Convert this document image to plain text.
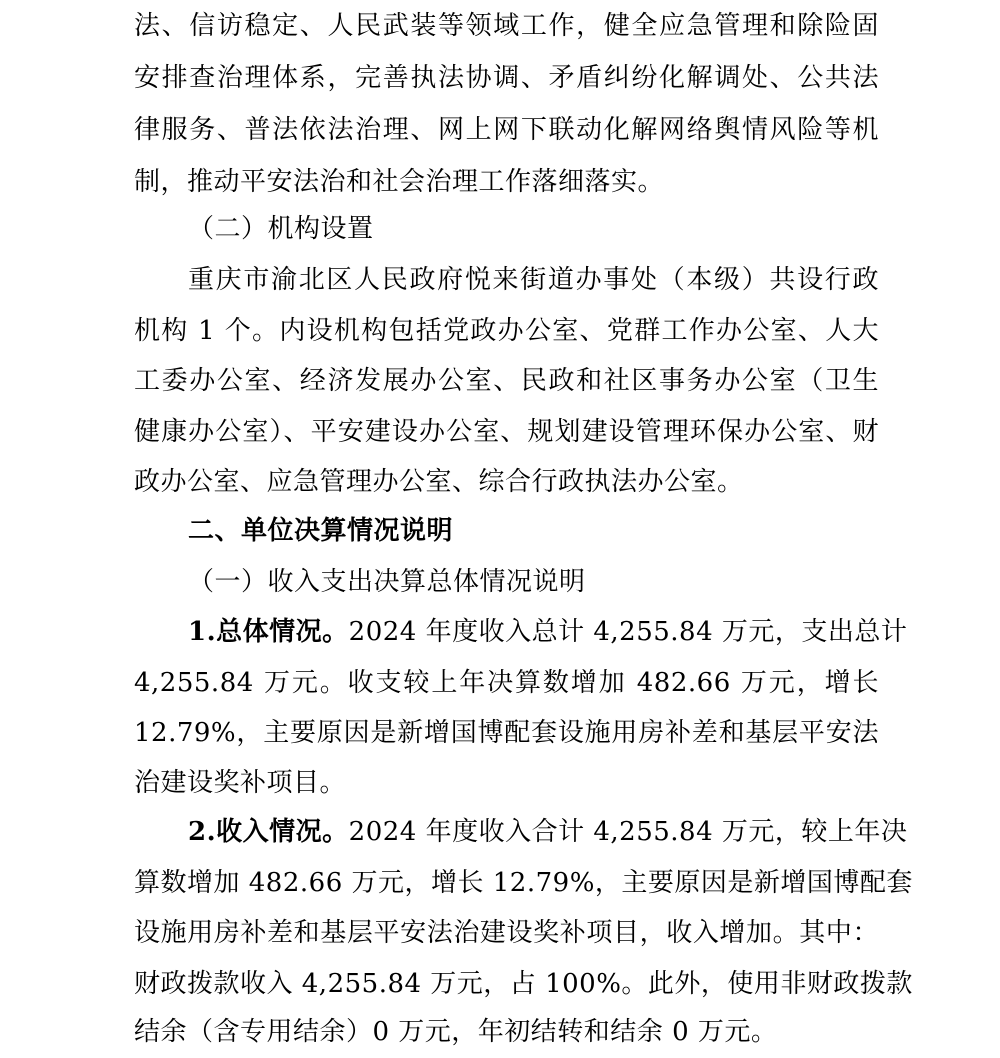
法、信访稳定、人民武装等领域工作，健全应急管理和除险固
安排查治理体系，完善执法协调、矛盾纠纷化解调处、公共法
律服务、普法依法治理、网上网下联动化解网络舆情风险等机
制，推动平安法治和社会治理工作落细落实。
（二）机构设置
重庆市渝北区人民政府悦来街道办事处（本级）共设行政
机构 1 个。内设机构包括党政办公室、党群工作办公室、人大
工委办公室、经济发展办公室、民政和社区事务办公室（卫生
健康办公室）、平安建设办公室、规划建设管理环保办公室、财
政办公室、应急管理办公室、综合行政执法办公室。
二、单位决算情况说明
（一）收入支出决算总体情况说明
1.总体情况。 2024 年度收入总计 4,255.84 万元，支出总计
4,255.84 万元。收支较上年决算数增加 482.66 万元，增长
12.79%，主要原因是新增国博配套设施用房补差和基层平安法
治建设奖补项目。
2.收入情况。 2024 年度收入合计 4,255.84 万元，较上年决
算数增加 482.66 万元，增长 12.79%，主要原因是新增国博配套
设施用房补差和基层平安法治建设奖补项目，收入增加。其中：
财政拨款收入 4,255.84 万元，占 100%。此外，使用非财政拨款
结余（含专用结余）0 万元，年初结转和结余 0 万元。
